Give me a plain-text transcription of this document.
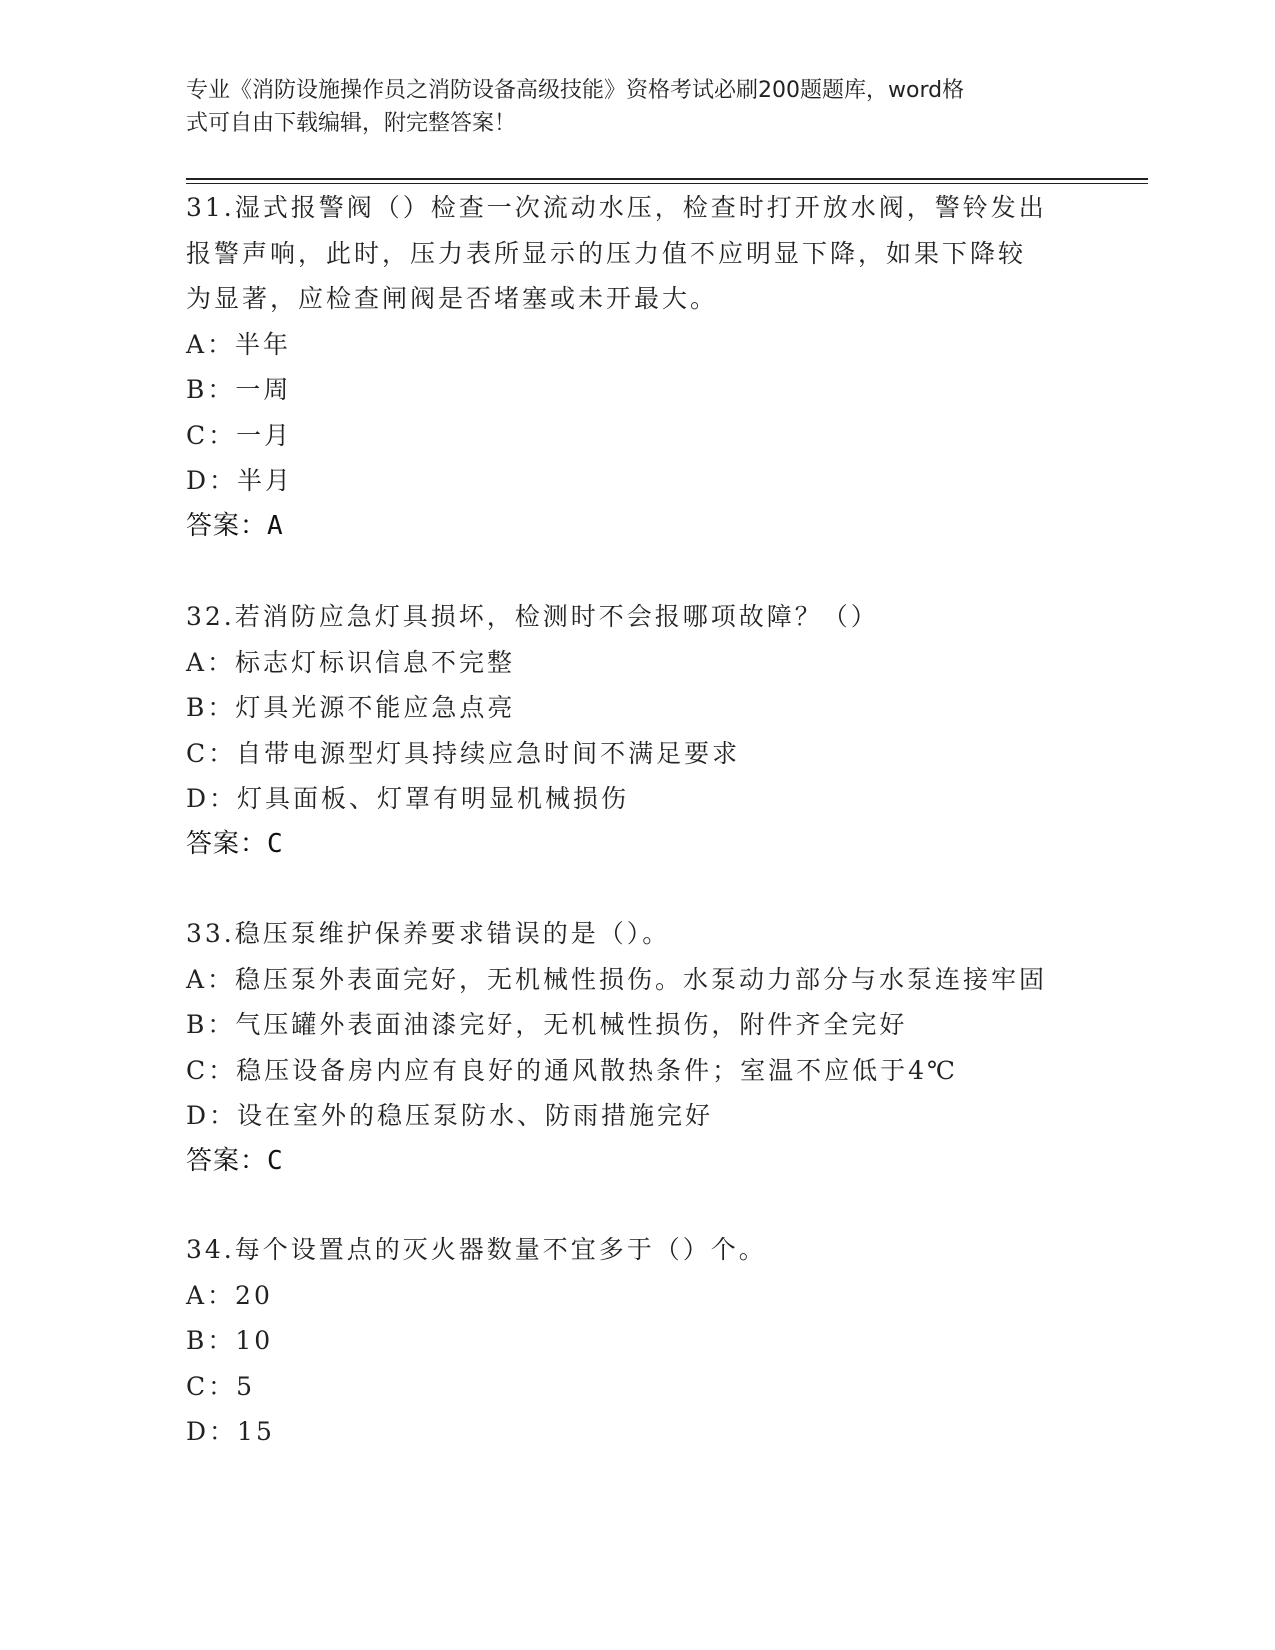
专业《消防设施操作员之消防设备高级技能》资格考试必刷200题题库，word格
式可自由下载编辑，附完整答案！
31.湿式报警阀（）检查一次流动水压，检查时打开放水阀，警铃发出
报警声响，此时，压力表所显示的压力值不应明显下降，如果下降较
为显著，应检查闸阀是否堵塞或未开最大。
A：半年
B：一周
C：一月
D：半月
答案：A
32.若消防应急灯具损坏，检测时不会报哪项故障？（）
A：标志灯标识信息不完整
B：灯具光源不能应急点亮
C：自带电源型灯具持续应急时间不满足要求
D：灯具面板、灯罩有明显机械损伤
答案：C
33.稳压泵维护保养要求错误的是（）。
A：稳压泵外表面完好，无机械性损伤。水泵动力部分与水泵连接牢固
B：气压罐外表面油漆完好，无机械性损伤，附件齐全完好
C：稳压设备房内应有良好的通风散热条件；室温不应低于4℃
D：设在室外的稳压泵防水、防雨措施完好
答案：C
34.每个设置点的灭火器数量不宜多于（）个。
A：20
B：10
C：5
D：15
